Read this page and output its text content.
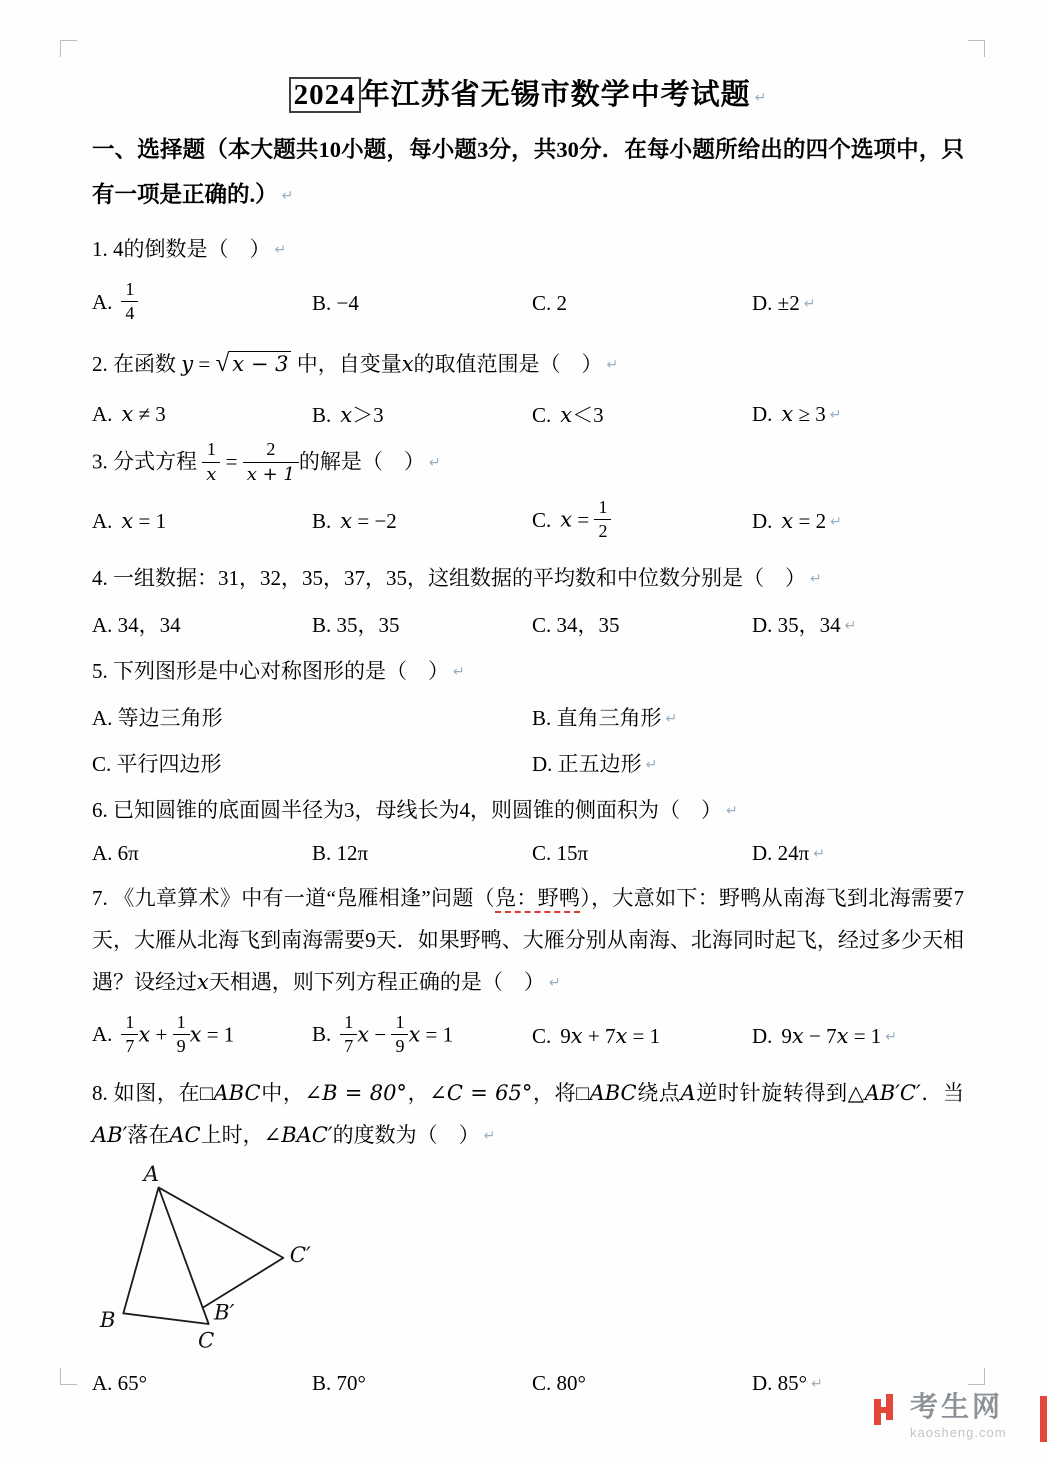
2024 年江苏省无锡市数学中考试题 ↵

一、选择题（本大题共10小题，每小题3分，共30分．在每小题所给出的四个选项中，只有一项是正确的.） ↵

1. 4的倒数是（　） ↵

A. $\frac{1}{4}$	B. −4	C. 2	D. ±2 ↵

2. 在函数 y = √ x − 3 中，自变量x的取值范围是（　） ↵

A. x ≠ 3	B. x＞3	C. x＜3	D. x ≥ 3 ↵

3. 分式方程 $\frac{1}{x} = \frac{2}{x + 1}$ 的解是（　） ↵

A. x = 1	B. x = −2	C. $x = \frac{1}{2}$	D. x = 2 ↵

4. 一组数据：31，32，35，37，35，这组数据的平均数和中位数分别是（　） ↵

A. 34，34	B. 35，35	C. 34，35	D. 35，34 ↵

5. 下列图形是中心对称图形的是（　） ↵

A. 等边三角形	B. 直角三角形 ↵
C. 平行四边形	D. 正五边形 ↵

6. 已知圆锥的底面圆半径为3，母线长为4，则圆锥的侧面积为（　） ↵

A. 6π	B. 12π	C. 15π	D. 24π ↵

7. 《九章算术》中有一道“凫雁相逢”问题（凫：野鸭），大意如下：野鸭从南海飞到北海需要7天，大雁从北海飞到南海需要9天．如果野鸭、大雁分别从南海、北海同时起飞，经过多少天相遇？设经过x天相遇，则下列方程正确的是（　） ↵

A. $\frac{1}{7}$ $x + \frac{1}{9}$ x = 1	B. $\frac{1}{7}$ $x - \frac{1}{9}$ x = 1	C. 9x + 7x = 1	D. 9x − 7x = 1 ↵

8. 如图，在□ABC中，∠B = 80°，∠C = 65°，将□ABC绕点A逆时针旋转得到△AB′C′．当AB′落在AC上时，∠BAC′的度数为（　） ↵

A
B
C
B′
C′
A. 65°	B. 70°	C. 80°	D. 85° ↵
考生网
kaosheng.com
